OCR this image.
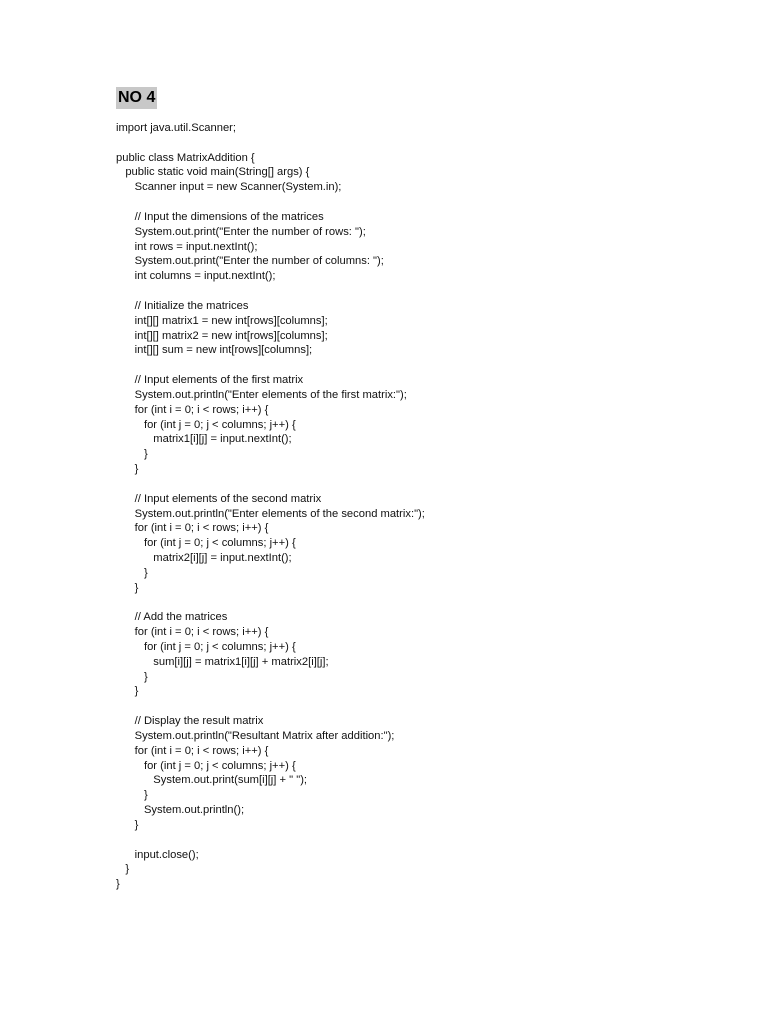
NO 4
import java.util.Scanner;
public class MatrixAddition {
public static void main(String[] args) {
Scanner input = new Scanner(System.in);
// Input the dimensions of the matrices
System.out.print("Enter the number of rows: ");
int rows = input.nextInt();
System.out.print("Enter the number of columns: ");
int columns = input.nextInt();
// Initialize the matrices
int[][] matrix1 = new int[rows][columns];
int[][] matrix2 = new int[rows][columns];
int[][] sum = new int[rows][columns];
// Input elements of the first matrix
System.out.println("Enter elements of the first matrix:");
for (int i = 0; i < rows; i++) {
for (int j = 0; j < columns; j++) {
matrix1[i][j] = input.nextInt();
}
}
// Input elements of the second matrix
System.out.println("Enter elements of the second matrix:");
for (int i = 0; i < rows; i++) {
for (int j = 0; j < columns; j++) {
matrix2[i][j] = input.nextInt();
}
}
// Add the matrices
for (int i = 0; i < rows; i++) {
for (int j = 0; j < columns; j++) {
sum[i][j] = matrix1[i][j] + matrix2[i][j];
}
}
// Display the result matrix
System.out.println("Resultant Matrix after addition:");
for (int i = 0; i < rows; i++) {
for (int j = 0; j < columns; j++) {
System.out.print(sum[i][j] + " ");
}
System.out.println();
}
input.close();
}
}
